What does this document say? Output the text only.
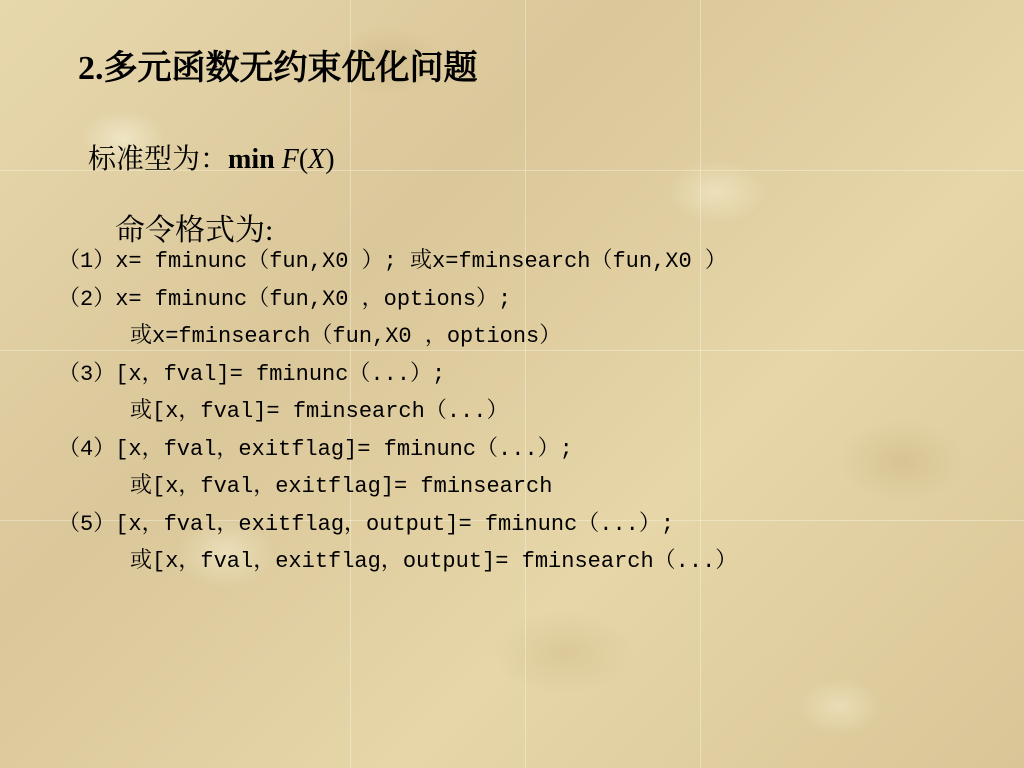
2.多元函数无约束优化问题
标准型为：min F(X)
命令格式为:
（1）x= fminunc（fun,X0 ）; 或x=fminsearch（fun,X0 ）
（2）x= fminunc（fun,X0 ，options）;
或x=fminsearch（fun,X0 ，options）
（3）[x，fval]= fminunc（...）;
或[x，fval]= fminsearch（...）
（4）[x，fval，exitflag]= fminunc（...）;
或[x，fval，exitflag]= fminsearch
（5）[x，fval，exitflag，output]= fminunc（...）;
或[x，fval，exitflag，output]= fminsearch（...）
